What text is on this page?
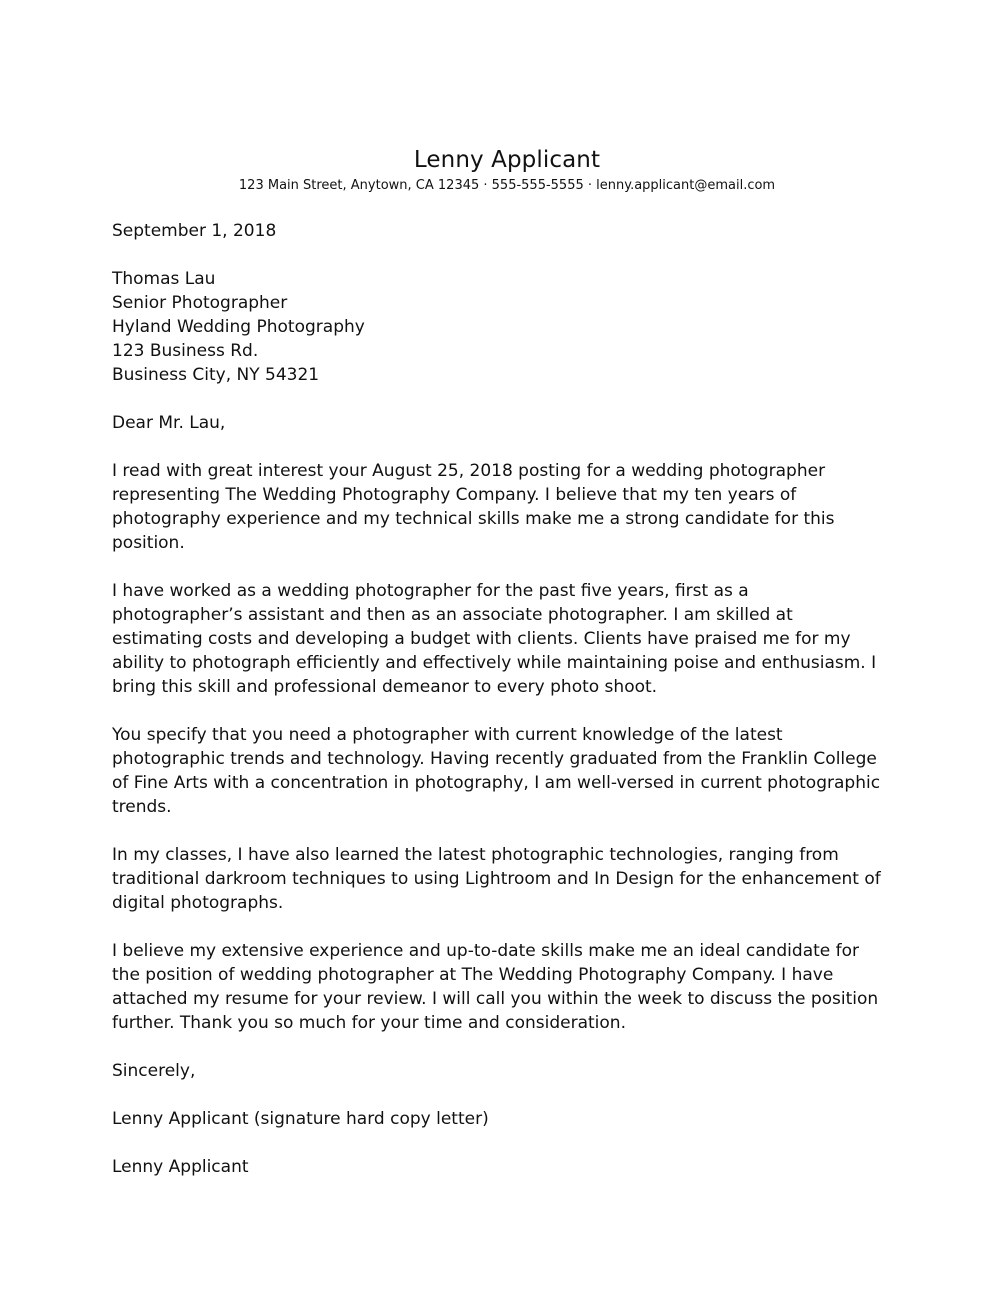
Lenny Applicant
123 Main Street, Anytown, CA 12345 · 555-555-5555 · lenny.applicant@email.com

September 1, 2018

Thomas Lau
Senior Photographer
Hyland Wedding Photography
123 Business Rd.
Business City, NY 54321

Dear Mr. Lau,

I read with great interest your August 25, 2018 posting for a wedding photographer representing The Wedding Photography Company. I believe that my ten years of photography experience and my technical skills make me a strong candidate for this position.

I have worked as a wedding photographer for the past five years, first as a photographer’s assistant and then as an associate photographer. I am skilled at estimating costs and developing a budget with clients. Clients have praised me for my ability to photograph efficiently and effectively while maintaining poise and enthusiasm. I bring this skill and professional demeanor to every photo shoot.

You specify that you need a photographer with current knowledge of the latest photographic trends and technology. Having recently graduated from the Franklin College of Fine Arts with a concentration in photography, I am well-versed in current photographic trends.

In my classes, I have also learned the latest photographic technologies, ranging from traditional darkroom techniques to using Lightroom and In Design for the enhancement of digital photographs.

I believe my extensive experience and up-to-date skills make me an ideal candidate for the position of wedding photographer at The Wedding Photography Company. I have attached my resume for your review. I will call you within the week to discuss the position further. Thank you so much for your time and consideration.

Sincerely,

Lenny Applicant (signature hard copy letter)

Lenny Applicant
